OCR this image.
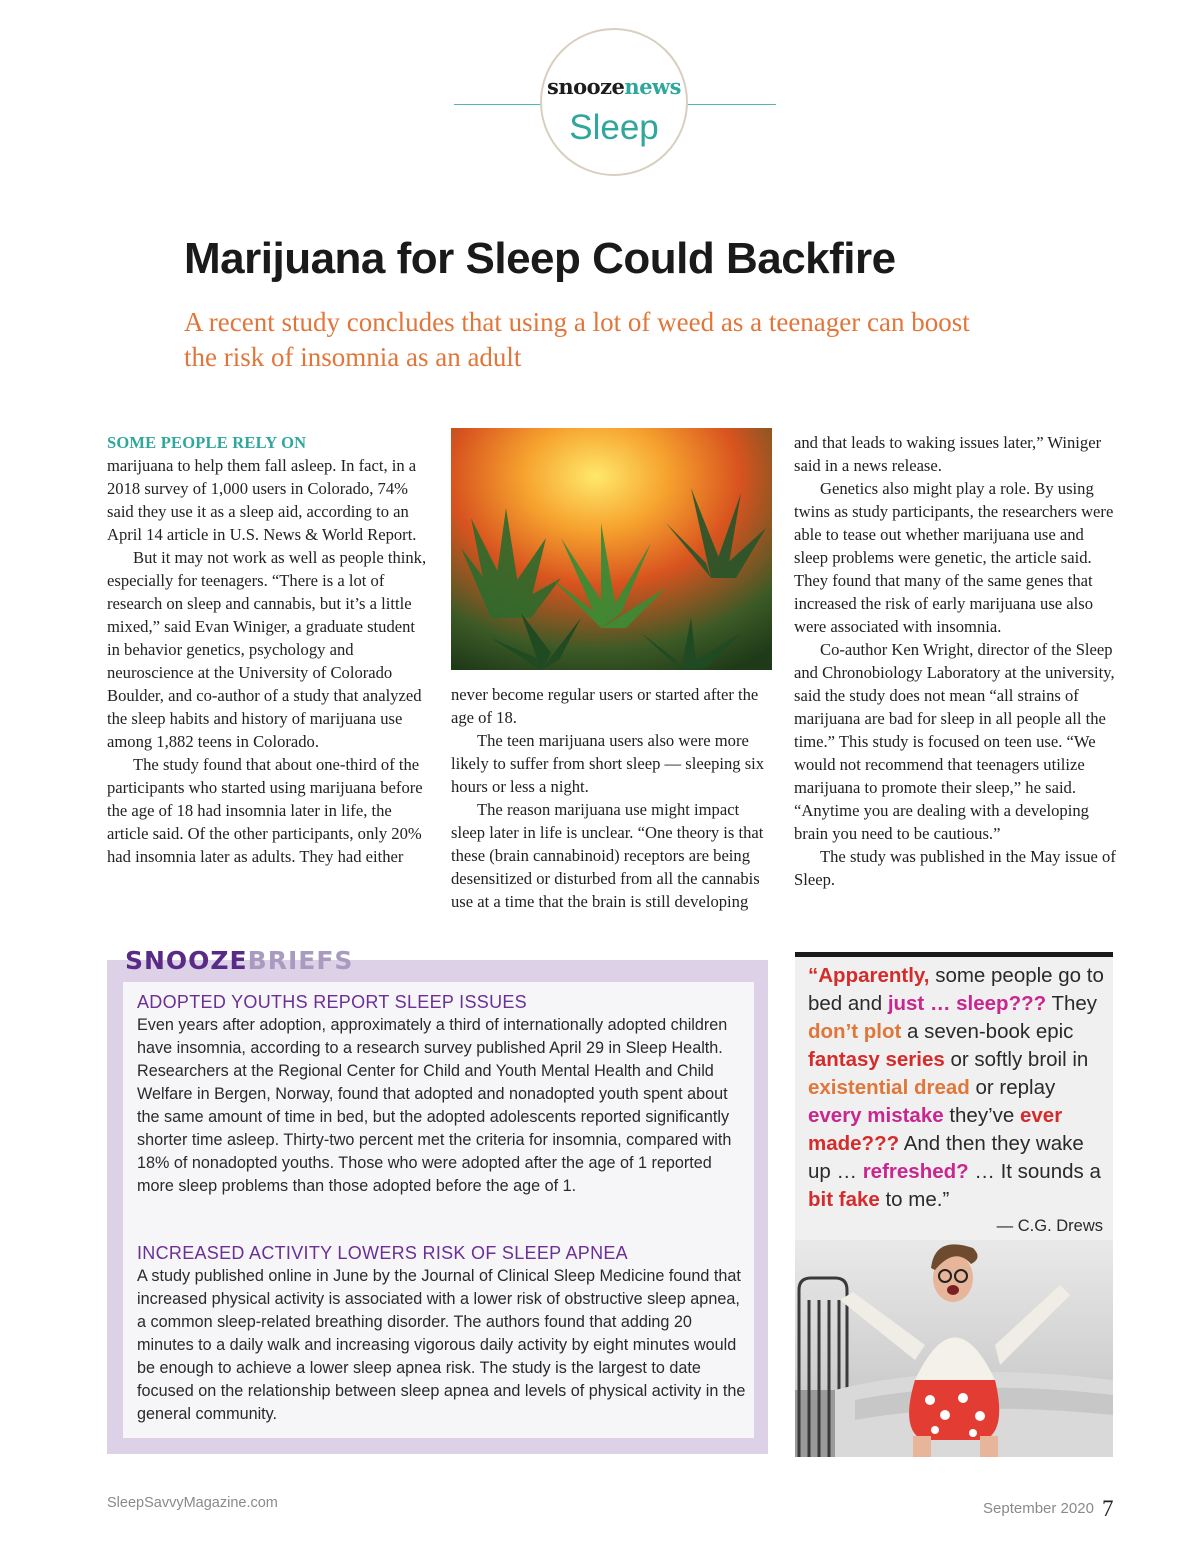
snoozenews
Sleep
Marijuana for Sleep Could Backfire
A recent study concludes that using a lot of weed as a teenager can boost the risk of insomnia as an adult
SOME PEOPLE RELY ON

marijuana to help them fall asleep. In fact, in a 2018 survey of 1,000 users in Colorado, 74% said they use it as a sleep aid, according to an April 14 article in U.S. News & World Report.

But it may not work as well as people think, especially for teenagers. “There is a lot of research on sleep and cannabis, but it’s a little mixed,” said Evan Winiger, a graduate student in behavior genetics, psychology and neuroscience at the University of Colorado Boulder, and co-author of a study that analyzed the sleep habits and history of marijuana use among 1,882 teens in Colorado.

The study found that about one-third of the participants who started using marijuana before the age of 18 had insomnia later in life, the article said. Of the other participants, only 20% had insomnia later as adults. They had either

never become regular users or started after the age of 18.

The teen marijuana users also were more likely to suffer from short sleep — sleeping six hours or less a night.

The reason marijuana use might impact sleep later in life is unclear. “One theory is that these (brain cannabinoid) receptors are being desensitized or disturbed from all the cannabis use at a time that the brain is still developing

and that leads to waking issues later,” Winiger said in a news release.

Genetics also might play a role. By using twins as study participants, the researchers were able to tease out whether marijuana use and sleep problems were genetic, the article said. They found that many of the same genes that increased the risk of early marijuana use also were associated with insomnia.

Co-author Ken Wright, director of the Sleep and Chronobiology Laboratory at the university, said the study does not mean “all strains of marijuana are bad for sleep in all people all the time.” This study is focused on teen use. “We would not recommend that teenagers utilize marijuana to promote their sleep,” he said. “Anytime you are dealing with a developing brain you need to be cautious.”

The study was published in the May issue of Sleep.

SNOOZEBRIEFS
ADOPTED YOUTHS REPORT SLEEP ISSUES

Even years after adoption, approximately a third of internationally adopted children have insomnia, according to a research survey published April 29 in Sleep Health. Researchers at the Regional Center for Child and Youth Mental Health and Child Welfare in Bergen, Norway, found that adopted and nonadopted youth spent about the same amount of time in bed, but the adopted adolescents reported significantly shorter time asleep. Thirty-two percent met the criteria for insomnia, compared with 18% of nonadopted youths. Those who were adopted after the age of 1 reported more sleep problems than those adopted before the age of 1.

INCREASED ACTIVITY LOWERS RISK OF SLEEP APNEA

A study published online in June by the Journal of Clinical Sleep Medicine found that increased physical activity is associated with a lower risk of obstructive sleep apnea, a common sleep-related breathing disorder. The authors found that adding 20 minutes to a daily walk and increasing vigorous daily activity by eight minutes would be enough to achieve a lower sleep apnea risk. The study is the largest to date focused on the relationship between sleep apnea and levels of physical activity in the general community.

“Apparently, some people go to bed and just … sleep??? They don’t plot a seven-book epic fantasy series or softly broil in existential dread or replay every mistake they’ve ever made??? And then they wake up … refreshed? … It sounds a bit fake to me.”
— C.G. Drews
SleepSavvyMagazine.com	September 2020 7
